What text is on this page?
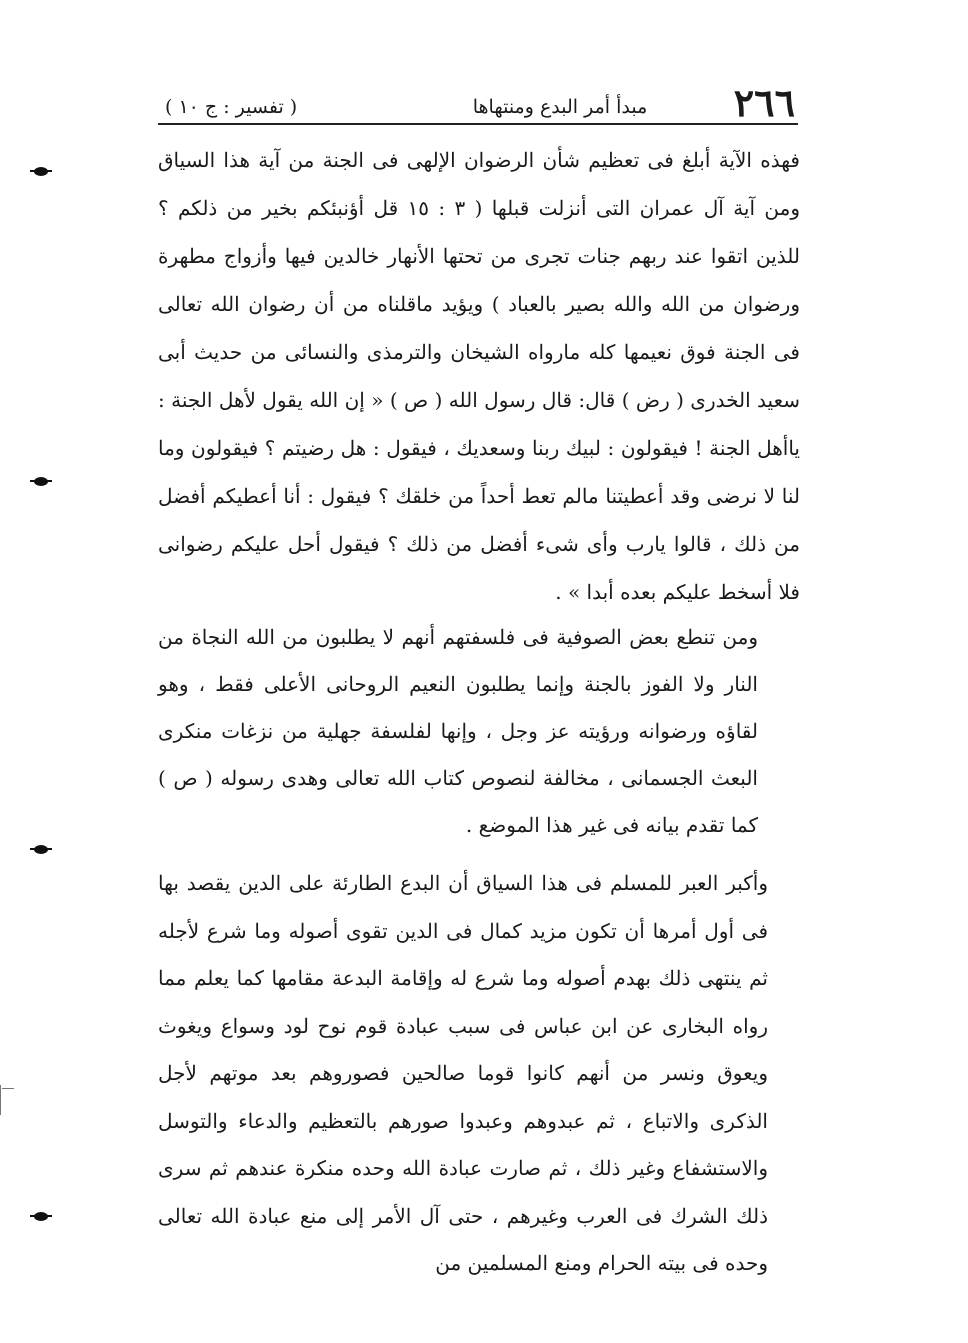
٢٦٦
مبدأ أمر البدع ومنتهاها
( تفسير : ج ١٠ )
فهذه الآية أبلغ فى تعظيم شأن الرضوان الإلهى فى الجنة من آية هذا السياق ومن آية آل عمران التى أنزلت قبلها ( ٣ : ١٥ قل أؤنبئكم بخير من ذلكم ؟ للذين اتقوا عند ربهم جنات تجرى من تحتها الأنهار خالدين فيها وأزواج مطهرة ورضوان من الله والله بصير بالعباد ) ويؤيد ماقلناه من أن رضوان الله تعالى فى الجنة فوق نعيمها كله مارواه الشيخان والترمذى والنسائى من حديث أبى سعيد الخدرى ( رض ) قال: قال رسول الله ( ص ) « إن الله يقول لأهل الجنة : ياأهل الجنة ! فيقولون : لبيك ربنا وسعديك ، فيقول : هل رضيتم ؟ فيقولون وما لنا لا نرضى وقد أعطيتنا مالم تعط أحداً من خلقك ؟ فيقول : أنا أعطيكم أفضل من ذلك ، قالوا يارب وأى شىء أفضل من ذلك ؟ فيقول أحل عليكم رضوانى فلا أسخط عليكم بعده أبدا » .
ومن تنطع بعض الصوفية فى فلسفتهم أنهم لا يطلبون من الله النجاة من النار ولا الفوز بالجنة وإنما يطلبون النعيم الروحانى الأعلى فقط ، وهو لقاؤه ورضوانه ورؤيته عز وجل ، وإنها لفلسفة جهلية من نزغات منكرى البعث الجسمانى ، مخالفة لنصوص كتاب الله تعالى وهدى رسوله ( ص ) كما تقدم بيانه فى غير هذا الموضع .
وأكبر العبر للمسلم فى هذا السياق أن البدع الطارئة على الدين يقصد بها فى أول أمرها أن تكون مزيد كمال فى الدين تقوى أصوله وما شرع لأجله ثم ينتهى ذلك بهدم أصوله وما شرع له وإقامة البدعة مقامها كما يعلم مما رواه البخارى عن ابن عباس فى سبب عبادة قوم نوح لود وسواع ويغوث ويعوق ونسر من أنهم كانوا قوما صالحين فصوروهم بعد موتهم لأجل الذكرى والاتباع ، ثم عبدوهم وعبدوا صورهم بالتعظيم والدعاء والتوسل والاستشفاع وغير ذلك ، ثم صارت عبادة الله وحده منكرة عندهم ثم سرى ذلك الشرك فى العرب وغيرهم ، حتى آل الأمر إلى منع عبادة الله تعالى وحده فى بيته الحرام ومنع المسلمين من
